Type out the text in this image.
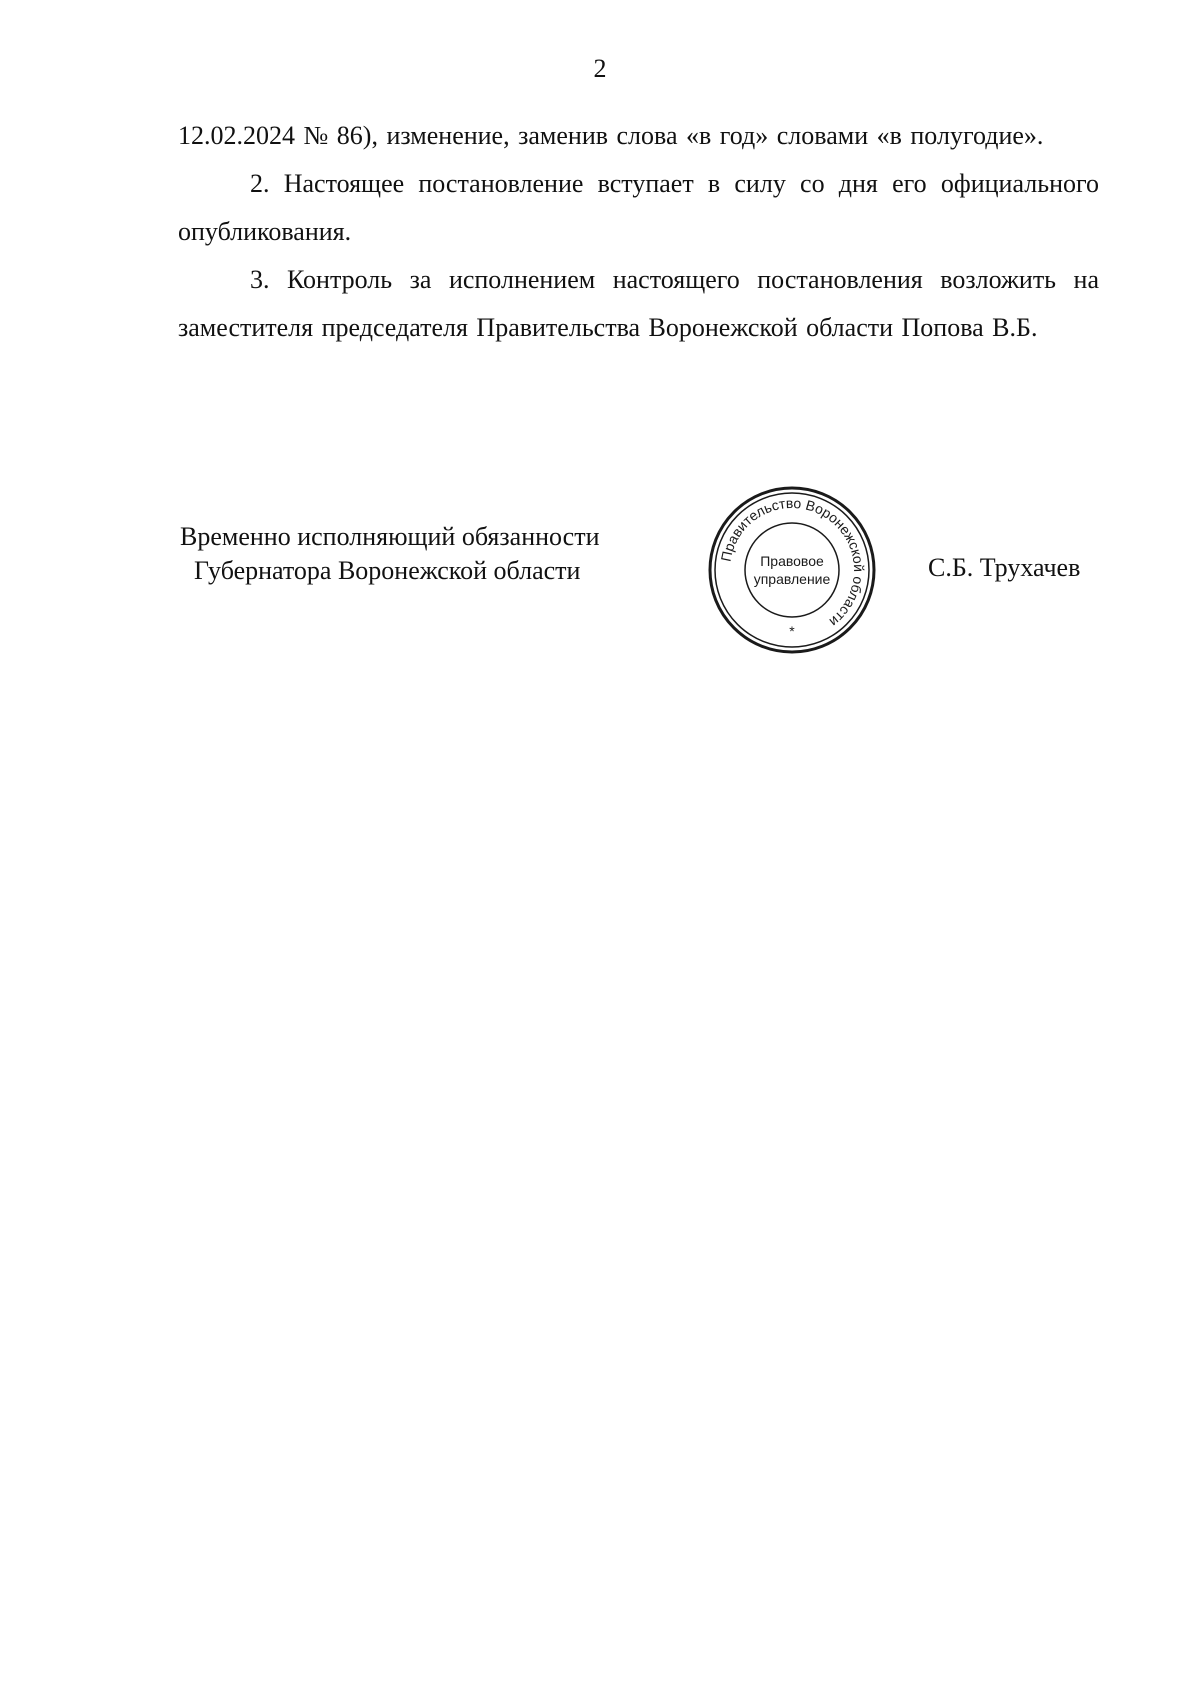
2

12.02.2024 № 86), изменение, заменив слова «в год» словами «в полугодие».

2. Настоящее постановление вступает в силу со дня его официального опубликования.

3. Контроль за исполнением настоящего постановления возложить на заместителя председателя Правительства Воронежской области Попова В.Б.

Временно исполняющий обязанности
Губернатора Воронежской области	Правительство Воронежской области
Правовое
управление
*
С.Б. Трухачев
